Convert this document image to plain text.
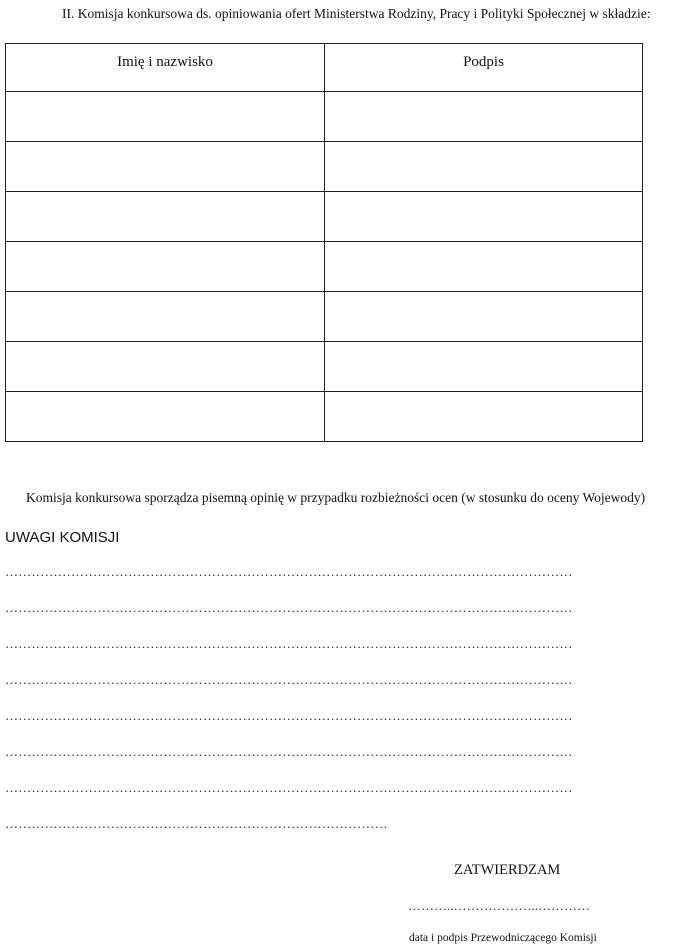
II. Komisja konkursowa ds. opiniowania ofert Ministerstwa Rodziny, Pracy i Polityki Społecznej w składzie:
Imię i nazwisko	Podpis

Komisja konkursowa sporządza pisemną opinię w przypadku rozbieżności ocen (w stosunku do oceny Wojewody)
UWAGI KOMISJI
…………………………………………………………………………………………………………………
…………………………………………………………………………………………………………………
…………………………………………………………………………………………………………………
…………………………………………………………………………………………………………………
…………………………………………………………………………………………………………………
…………………………………………………………………………………………………………………
…………………………………………………………………………………………………………………
……………………………………………………………………………
ZATWIERDZAM
………..………………..…………
data i podpis Przewodniczącego Komisji
